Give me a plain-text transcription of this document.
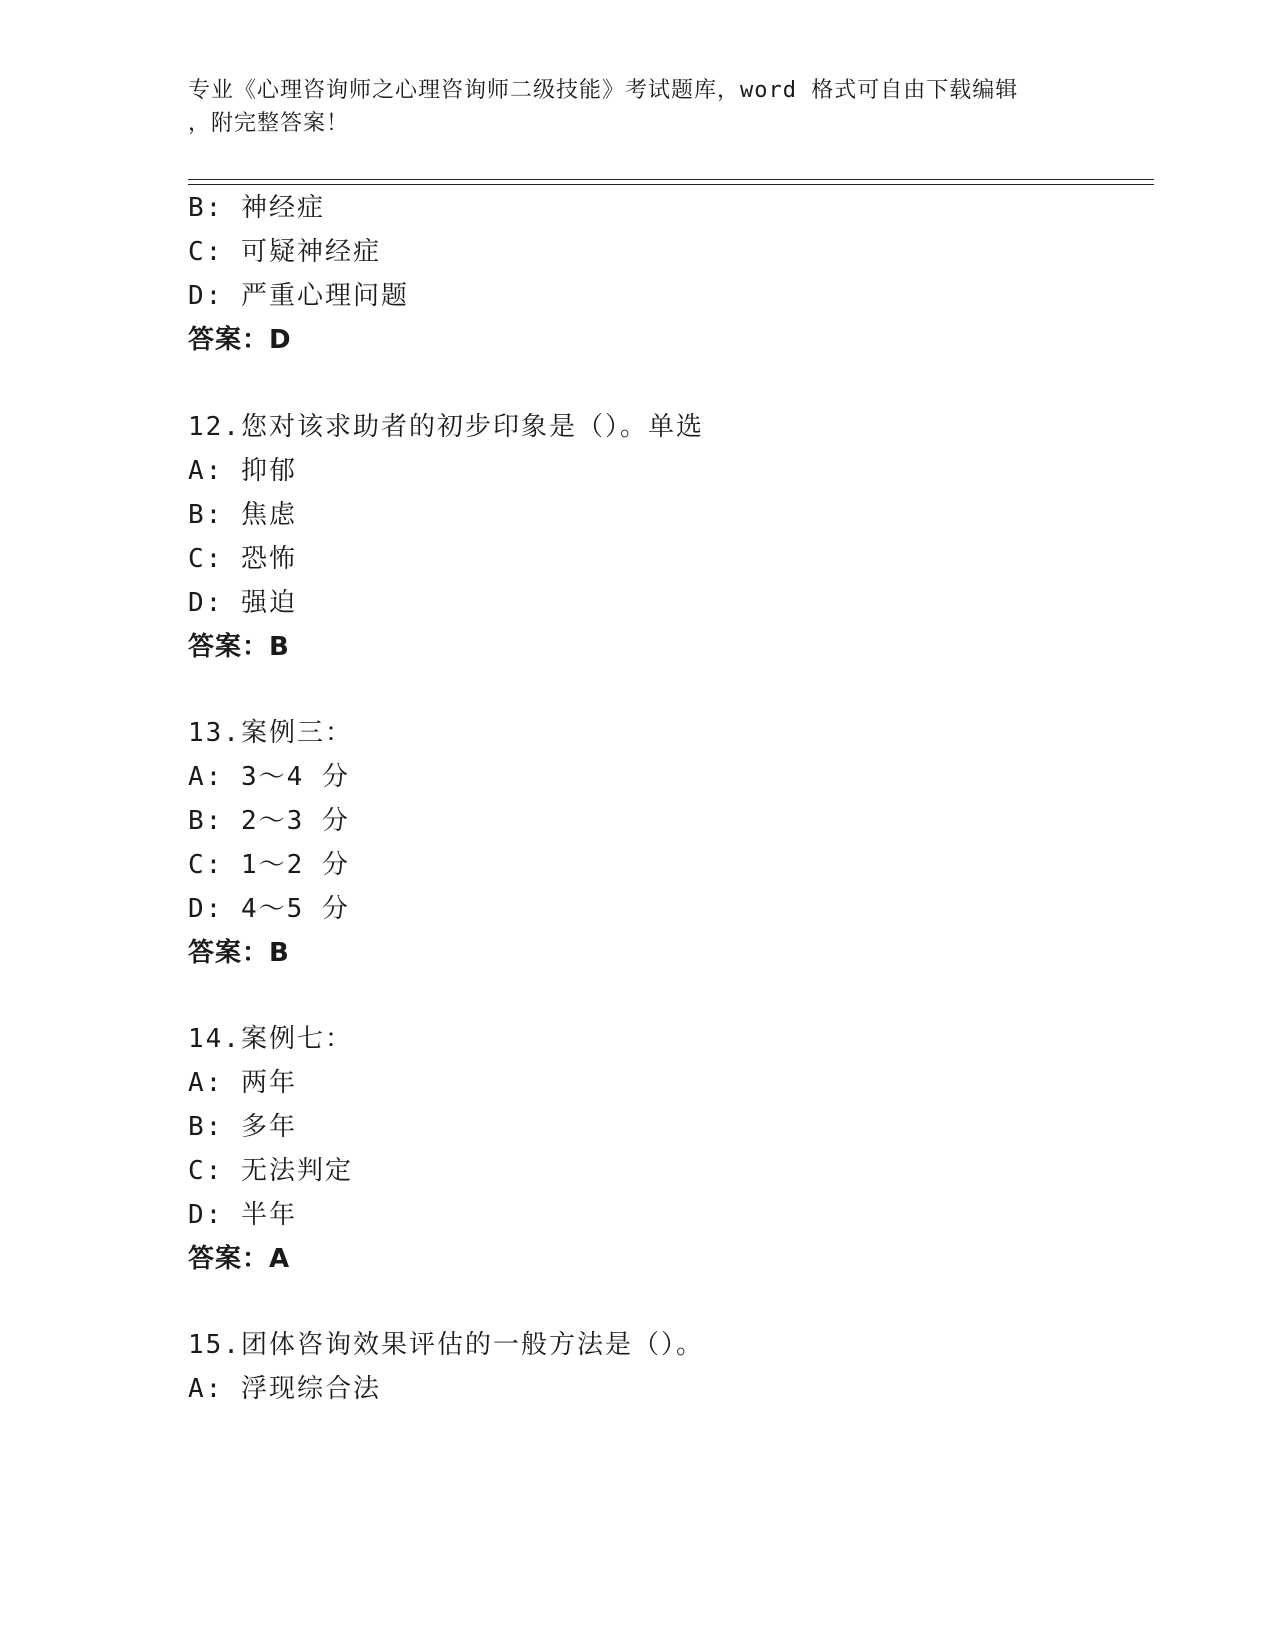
专业《心理咨询师之心理咨询师二级技能》考试题库，word 格式可自由下载编辑
，附完整答案！
B: 神经症
C: 可疑神经症
D: 严重心理问题
答案：D
12.您对该求助者的初步印象是（）。单选
A: 抑郁
B: 焦虑
C: 恐怖
D: 强迫
答案：B
13.案例三：
A: 3～4 分
B: 2～3 分
C: 1～2 分
D: 4～5 分
答案：B
14.案例七：
A: 两年
B: 多年
C: 无法判定
D: 半年
答案：A
15.团体咨询效果评估的一般方法是（）。
A: 浮现综合法
